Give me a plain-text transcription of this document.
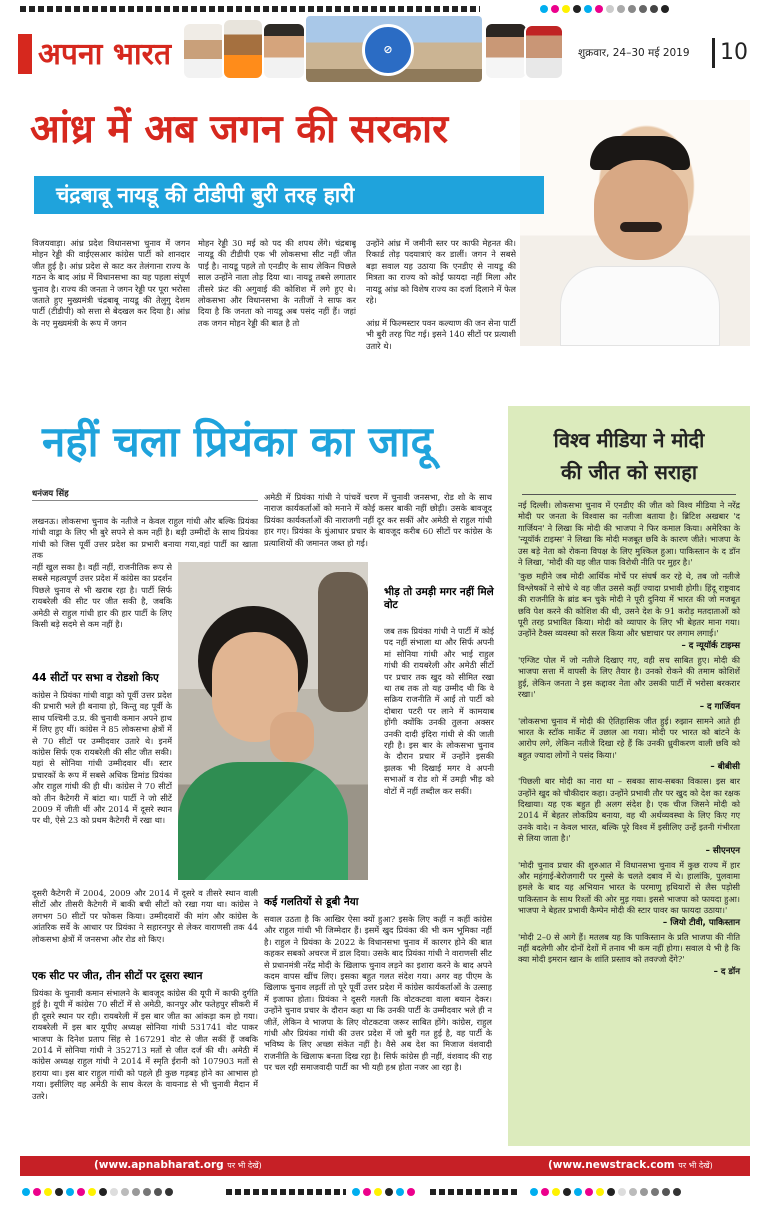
अपना भारत	⊘	शुक्रवार, 24–30 मई 2019 10
आंध्र में अब जगन की सरकार
चंद्रबाबू नायडू की टीडीपी बुरी तरह हारी
विजयवाड़ा। आंध्र प्रदेश विधानसभा चुनाव में जगन मोहन रेड्डी की वाईएसआर कांग्रेस पार्टी को शानदार जीत हुई है। आंध्र प्रदेश से काट कर तेलंगाना राज्य के गठन के बाद आंध्र में विधानसभा का यह पहला संपूर्ण चुनाव है। राज्य की जनता ने जगन रेड्डी पर पूरा भरोसा जताते हुए मुख्यमंत्री चंद्रबाबू नायडू की तेलुगु देशम पार्टी (टीडीपी) को सत्ता से बेदखल कर दिया है। आंध्र के नए मुख्यमंत्री के रूप में जगन
मोहन रेड्डी 30 मई को पद की शपथ लेंगे। चंद्रबाबू नायडू की टीडीपी एक भी लोकसभा सीट नहीं जीत पाई है। नायडू पहले तो एनडीए के साथ लेकिन पिछले साल उन्होंने नाता तोड़ दिया था। नायडू तबसे लगातार तीसरे फ्रंट की अगुवाई की कोशिश में लगे हुए थे। लोकसभा और विधानसभा के नतीजों ने साफ कर दिया है कि जनता को नायडू अब पसंद नहीं हैं। जहां तक जगन मोहन रेड्डी की बात है तो
उन्होंने आंध्र में जमीनी स्तर पर काफी मेहनत की। रिकार्ड तोड़ पदयात्राएं कर डालीं। जगन ने सबसे बड़ा सवाल यह उठाया कि एनडीए से नायडू की मित्रता का राज्य को कोई फायदा नहीं मिला और नायडू आंध्र को विशेष राज्य का दर्जा दिलाने में फेल रहे।
आंध्र में फिल्मस्टार पवन कल्याण की जन सेना पार्टी भी बुरी तरह पिट गई। इसने 140 सीटों पर प्रत्याशी उतारे थे।
नहीं चला प्रियंका का जादू
धनंजय सिंह
लखनऊ। लोकसभा चुनाव के नतीजे न केवल राहुल गांधी और बल्कि प्रियंका गांधी वाड्रा के लिए भी बुरे सपने से कम नहीं है। बड़ी उम्मीदों के साथ प्रियंका गांधी को जिस पूर्वी उत्तर प्रदेश का प्रभारी बनाया गया,वहां पार्टी का खाता तक
नहीं खुल सका है। वहीं नहीं, राजनीतिक रूप से सबसे महत्वपूर्ण उत्तर प्रदेश में कांग्रेस का प्रदर्शन पिछले चुनाव से भी खराब रहा है। पार्टी सिर्फ रायबरेली की सीट पर जीत सकी है, जबकि अमेठी से राहुल गांधी हार की हार पार्टी के लिए किसी बड़े सदमे से कम नहीं है।
44 सीटों पर सभा व रोडशो किए
कांग्रेस ने प्रियंका गांधी वाड्रा को पूर्वी उत्तर प्रदेश की प्रभारी भले ही बनाया हो, किन्तु वह पूर्वी के साथ पश्चिमी उ.प्र. की चुनावी कमान अपने हाथ में लिए हुए थीं। कांग्रेस ने 85 लोकसभा क्षेत्रों में से 70 सीटों पर उम्मीदवार उतारे थे। इनमें कांग्रेस सिर्फ एक रायबरेली की सीट जीत सकी। यहां से सोनिया गांधी उम्मीदवार थीं। स्टार प्रचारकों के रूप में सबसे अधिक डिमांड प्रियंका और राहुल गांधी की ही थी। कांग्रेस ने 70 सीटों को तीन कैटेगरी में बांटा था। पार्टी ने जो सीटें 2009 में जीती थीं और 2014 में दूसरे स्थान पर थी, ऐसे 23 को प्रथम कैटेगरी में रखा था।
दूसरी कैटेगरी में 2004, 2009 और 2014 में दूसरे व तीसरे स्थान वाली सीटों और तीसरी कैटेगरी में बाकी बची सीटों को रखा गया था। कांग्रेस ने लगभग 50 सीटों पर फोकस किया। उम्मीदवारों की मांग और कांग्रेस के आंतरिक सर्वे के आधार पर प्रियंका ने सहारनपुर से लेकर वाराणसी तक 44 लोकसभा क्षेत्रों में जनसभा और रोड शो किए।
एक सीट पर जीत, तीन सीटों पर दूसरा स्थान
प्रियंका के चुनावी कमान संभालने के बावजूद कांग्रेस की यूपी में काफी दुर्गति हुई है। यूपी में कांग्रेस 70 सीटों में से अमेठी, कानपुर और फतेहपुर सीकरी में ही दूसरे स्थान पर रही। रायबरेली में इस बार जीत का आंकड़ा कम हो गया। रायबरेली में इस बार यूपीए अध्यक्ष सोनिया गांधी 531741 वोट पाकर भाजपा के दिनेश प्रताप सिंह से 167291 वोट से जीत सकीं हैं जबकि 2014 में सोनिया गांधी ने 352713 मतों से जीत दर्ज की थी। अमेठी में कांग्रेस अध्यक्ष राहुल गांधी ने 2014 में स्मृति ईरानी को 107903 मतों से हराया था। इस बार राहुल गांधी को पहले ही कुछ गड़बड़ होने का आभास हो गया। इसीलिए वह अमेठी के साथ केरल के वायनाड से भी चुनावी मैदान में उतरे।
अमेठी में प्रियंका गांधी ने पांचवें चरण में चुनावी जनसभा, रोड शो के साथ नाराज कार्यकर्ताओं को मनाने में कोई कसर बाकी नहीं छोड़ी। उसके बावजूद प्रियंका कार्यकर्ताओं की नाराजगी नहीं दूर कर सकीं और अमेठी से राहुल गांधी हार गए। प्रियंका के धुंआधार प्रचार के बावजूद करीब 60 सीटों पर कांग्रेस के प्रत्याशियों की जमानत जब्त हो गई।
भीड़ तो उमड़ी मगर नहीं मिले वोट
जब तक प्रियंका गांधी ने पार्टी में कोई पद नहीं संभाला था और सिर्फ अपनी मां सोनिया गांधी और भाई राहुल गांधी की रायबरेली और अमेठी सीटों पर प्रचार तक खुद को सीमित रखा था तब तक तो यह उम्मीद थी कि वे सक्रिय राजनीति में आईं तो पार्टी को दोबारा पटरी पर लाने में कामयाब होंगी क्योंकि उनकी तुलना अक्सर उनकी दादी इंदिरा गांधी से की जाती रही है। इस बार के लोकसभा चुनाव के दौरान प्रचार में उन्होंने इसकी झलक भी दिखाई मगर वे अपनी सभाओं व रोड शो में उमड़ी भीड़ को वोटों में नहीं तब्दील कर सकीं।
कई गलतियों से डूबी नैया
सवाल उठता है कि आखिर ऐसा क्यों हुआ? इसके लिए कहीं न कहीं कांग्रेस और राहुल गांधी भी जिम्मेदार हैं। इसमें खुद प्रियंका की भी कम भूमिका नहीं है। राहुल ने प्रियंका के 2022 के विधानसभा चुनाव में कारगर होने की बात कहकर सबको अचरज में डाल दिया। उसके बाद प्रियंका गांधी ने वाराणसी सीट से प्रधानमंत्री नरेंद्र मोदी के खिलाफ चुनाव लड़ने का इशारा करने के बाद अपने कदम वापस खींच लिए। इसका बहुत गलत संदेश गया। अगर वह पीएम के खिलाफ चुनाव लड़तीं तो पूरे पूर्वी उत्तर प्रदेश में कांग्रेस कार्यकर्ताओं के उत्साह में इजाफा होता। प्रियंका ने दूसरी गलती कि वोटकटवा वाला बयान देकर। उन्होंने चुनाव प्रचार के दौरान कहा था कि उनकी पार्टी के उम्मीदवार भले ही न जीतें, लेकिन वे भाजपा के लिए वोटकटवा जरूर साबित होंगे। कांग्रेस, राहुल गांधी और प्रियंका गांधी की उत्तर प्रदेश में जो बुरी गत हुई है, वह पार्टी के भविष्य के लिए अच्छा संकेत नहीं है। वैसे अब देश का मिजाज वंशवादी राजनीति के खिलाफ बनता दिख रहा है। सिर्फ कांग्रेस ही नहीं, वंशवाद की राह पर चल रही समाजवादी पार्टी का भी यही हश्र होता नजर आ रहा है।
विश्व मीडिया ने मोदी
की जीत को सराहा
नई दिल्ली। लोकसभा चुनाव में एनडीए की जीत को विश्व मीडिया ने नरेंद्र मोदी पर जनता के विश्वास का नतीजा बताया है। ब्रिटिश अखबार 'द गार्जियन' ने लिखा कि मोदी की भाजपा ने फिर कमाल किया। अमेरिका के 'न्यूयॉर्क टाइम्स' ने लिखा कि मोदी मजबूत छवि के कारण जीते। भाजपा के उस बड़े नेता को रोकना विपक्ष के लिए मुश्किल हुआ। पाकिस्तान के द डॉन ने लिखा, 'मोदी की यह जीत पाक विरोधी नीति पर मुहर है।'
'कुछ महीने जब मोदी आर्थिक मोर्चे पर संघर्ष कर रहे थे, तब जो नतीजे विश्लेषकों ने सोचे थे वह जीत उससे कहीं ज्यादा प्रभावी होगी। हिंदू राष्ट्रवाद की राजनीति के ब्रांड बन चुके मोदी ने पूरी दुनिया में भारत की जो मजबूत छवि पेश करने की कोशिश की थी, उसने देश के 91 करोड़ मतदाताओं को पूरी तरह प्रभावित किया। मोदी को व्यापार के लिए भी बेहतर माना गया। उन्होंने टैक्स व्यवस्था को सरल किया और भ्रष्टाचार पर लगाम लगाई।'
– द न्यूयॉर्क टाइम्स
'एग्जिट पोल में जो नतीजे दिखाए गए, वही सच साबित हुए। मोदी की भाजपा सत्ता में वापसी के लिए तैयार है। उनको रोकने की तमाम कोशिशें हुई, लेकिन जनता ने इस कद्दावर नेता और उसकी पार्टी में भरोसा बरकरार रखा।'
– द गार्जियन
'लोकसभा चुनाव में मोदी की ऐतिहासिक जीत हुई। रुझान सामने आते ही भारत के स्टॉक मार्केट में उछाल आ गया। मोदी पर भारत को बांटने के आरोप लगे, लेकिन नतीजे दिखा रहे हैं कि उनकी ध्रुवीकरण वाली छवि को बहुत ज्यादा लोगों ने पसंद किया।'
– बीबीसी
'पिछली बार मोदी का नारा था – सबका साथ-सबका विकास। इस बार उन्होंने खुद को चौकीदार कहा। उन्होंने प्रभावी तौर पर खुद को देश का रक्षक दिखाया। यह एक बहुत ही अलग संदेश है। एक चीज जिसने मोदी को 2014 में बेहतर लोकप्रिय बनाया, वह थी अर्थव्यवस्था के लिए किए गए उनके वादे। न केवल भारत, बल्कि पूरे विश्व में इसीलिए उन्हें इतनी गंभीरता से लिया जाता है।'
– सीएनएन
'मोदी चुनाव प्रचार की शुरुआत में विधानसभा चुनाव में कुछ राज्य में हार और महंगाई-बेरोजगारी पर गुस्से के चलते दबाव में थे। हालांकि, पुलवामा हमले के बाद यह अभियान भारत के परमाणु हथियारों से लैस पड़ोसी पाकिस्तान के साथ रिश्तों की ओर मुड़ गया। इससे भाजपा को फायदा हुआ। भाजपा ने बेहतर प्रभावी कैम्पेन मोदी की स्टार पावर का फायदा उठाया।'
– जियो टीवी, पाकिस्तान
'मोदी 2–0 से आगे हैं। मतलब यह कि पाकिस्तान के प्रति भाजपा की नीति नहीं बदलेगी और दोनों देशों में तनाव भी कम नहीं होगा। सवाल ये भी है कि क्या मोदी इमरान खान के शांति प्रस्ताव को तवज्जो देंगे?'
– द डॉन
(www.apnabharat.org पर भी देखें)	(www.newstrack.com पर भी देखें)
